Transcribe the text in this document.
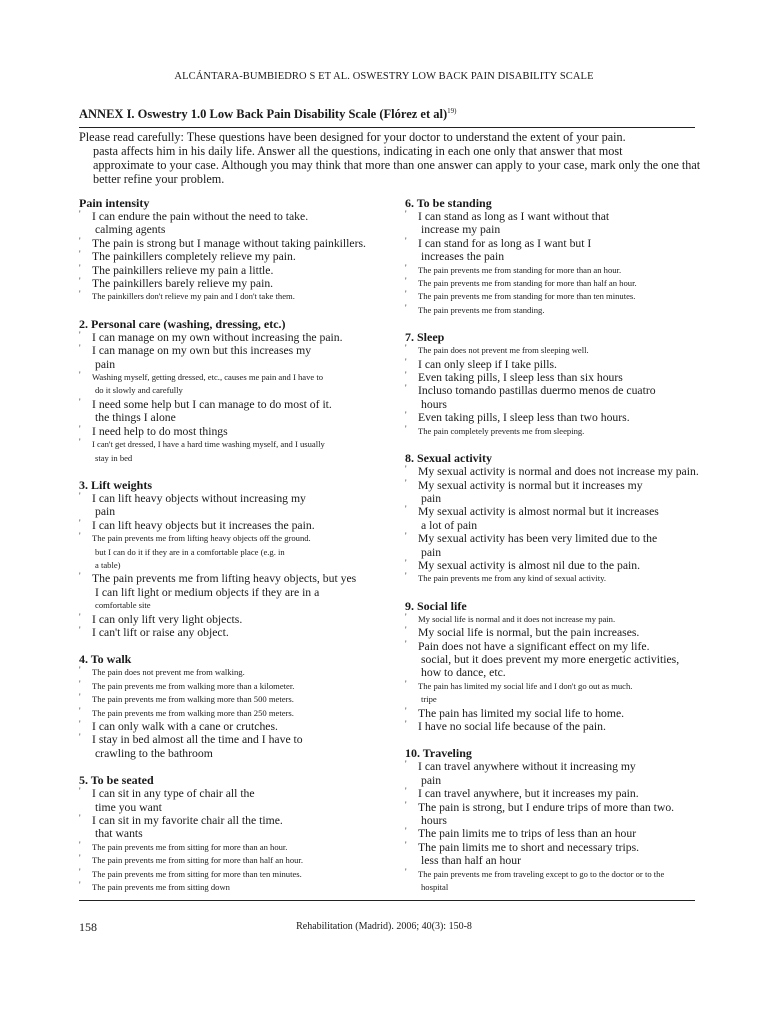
ALCÁNTARA-BUMBIEDRO S ET AL. OSWESTRY LOW BACK PAIN DISABILITY SCALE
ANNEX I. Oswestry 1.0 Low Back Pain Disability Scale (Flórez et al)$^{19)}$
Please read carefully: These questions have been designed for your doctor to understand the extent of your pain.
pasta affects him in his daily life. Answer all the questions, indicating in each one only that answer that most
approximate to your case. Although you may think that more than one answer can apply to your case, mark only the one that
better refine your problem.
Pain intensity
' I can endure the pain without the need to take.
calming agents
' The pain is strong but I manage without taking painkillers.
' The painkillers completely relieve my pain.
' The painkillers relieve my pain a little.
' The painkillers barely relieve my pain.
' The painkillers don't relieve my pain and I don't take them.
2. Personal care (washing, dressing, etc.)
' I can manage on my own without increasing the pain.
' I can manage on my own but this increases my
pain
' Washing myself, getting dressed, etc., causes me pain and I have to
do it slowly and carefully
' I need some help but I can manage to do most of it.
the things I alone
' I need help to do most things
' I can't get dressed, I have a hard time washing myself, and I usually
stay in bed
3. Lift weights
' I can lift heavy objects without increasing my
pain
' I can lift heavy objects but it increases the pain.
' The pain prevents me from lifting heavy objects off the ground.
but I can do it if they are in a comfortable place (e.g. in
a table)
' The pain prevents me from lifting heavy objects, but yes
I can lift light or medium objects if they are in a
comfortable site
' I can only lift very light objects.
' I can't lift or raise any object.
4. To walk
' The pain does not prevent me from walking.
' The pain prevents me from walking more than a kilometer.
' The pain prevents me from walking more than 500 meters.
' The pain prevents me from walking more than 250 meters.
' I can only walk with a cane or crutches.
' I stay in bed almost all the time and I have to
crawling to the bathroom
5. To be seated
' I can sit in any type of chair all the
time you want
' I can sit in my favorite chair all the time.
that wants
' The pain prevents me from sitting for more than an hour.
' The pain prevents me from sitting for more than half an hour.
' The pain prevents me from sitting for more than ten minutes.
' The pain prevents me from sitting down
6. To be standing
' I can stand as long as I want without that
increase my pain
' I can stand for as long as I want but I
increases the pain
' The pain prevents me from standing for more than an hour.
' The pain prevents me from standing for more than half an hour.
' The pain prevents me from standing for more than ten minutes.
' The pain prevents me from standing.
7. Sleep
' The pain does not prevent me from sleeping well.
' I can only sleep if I take pills.
' Even taking pills, I sleep less than six hours
' Incluso tomando pastillas duermo menos de cuatro
hours
' Even taking pills, I sleep less than two hours.
' The pain completely prevents me from sleeping.
8. Sexual activity
' My sexual activity is normal and does not increase my pain.
' My sexual activity is normal but it increases my
pain
' My sexual activity is almost normal but it increases
a lot of pain
' My sexual activity has been very limited due to the
pain
' My sexual activity is almost nil due to the pain.
' The pain prevents me from any kind of sexual activity.
9. Social life
' My social life is normal and it does not increase my pain.
' My social life is normal, but the pain increases.
' Pain does not have a significant effect on my life.
social, but it does prevent my more energetic activities,
how to dance, etc.
' The pain has limited my social life and I don't go out as much.
tripe
' The pain has limited my social life to home.
' I have no social life because of the pain.
10. Traveling
' I can travel anywhere without it increasing my
pain
' I can travel anywhere, but it increases my pain.
' The pain is strong, but I endure trips of more than two.
hours
' The pain limits me to trips of less than an hour
' The pain limits me to short and necessary trips.
less than half an hour
' The pain prevents me from traveling except to go to the doctor or to the
hospital
158	Rehabilitation (Madrid). 2006; 40(3): 150-8
